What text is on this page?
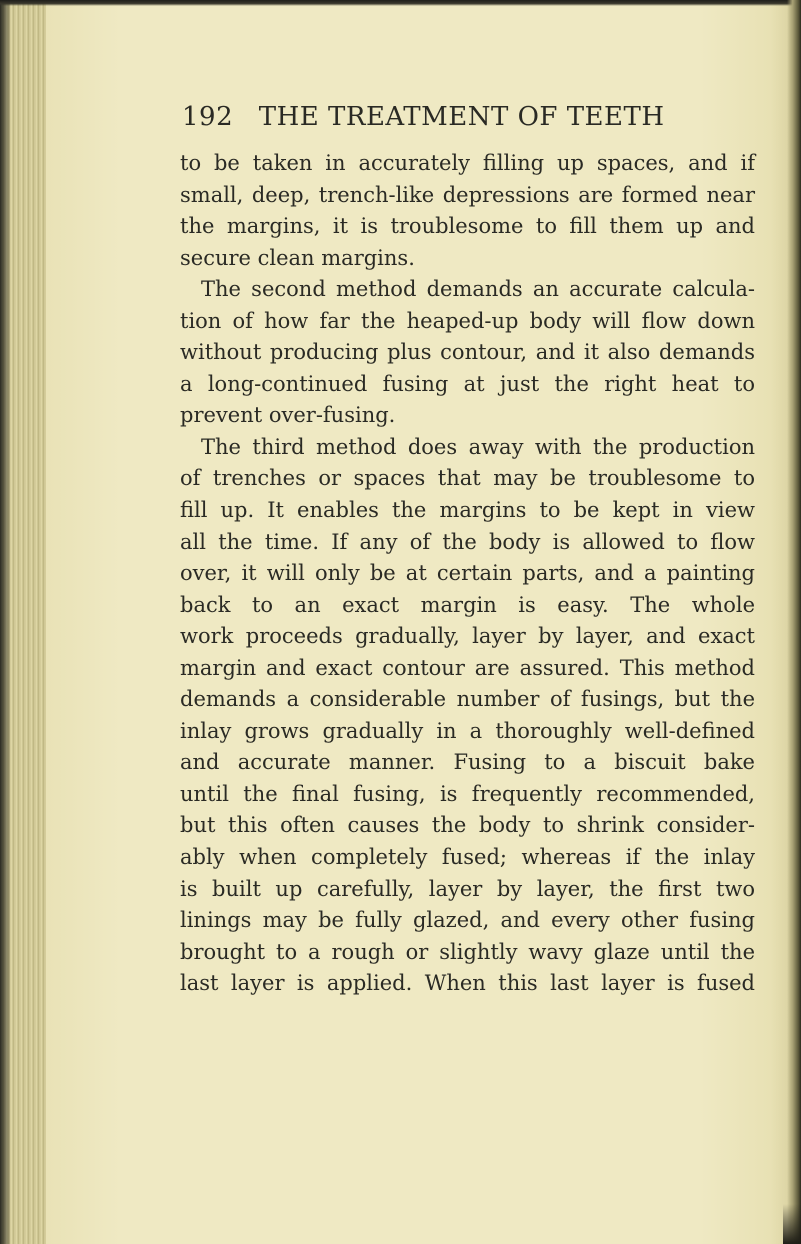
192 THE TREATMENT OF TEETH
to be taken in accurately filling up spaces, and if
small, deep, trench-like depressions are formed near
the margins, it is troublesome to fill them up and
secure clean margins.
The second method demands an accurate calcula-
tion of how far the heaped-up body will flow down
without producing plus contour, and it also demands
a long-continued fusing at just the right heat to
prevent over-fusing.
The third method does away with the production
of trenches or spaces that may be troublesome to
fill up. It enables the margins to be kept in view
all the time. If any of the body is allowed to flow
over, it will only be at certain parts, and a painting
back to an exact margin is easy. The whole
work proceeds gradually, layer by layer, and exact
margin and exact contour are assured. This method
demands a considerable number of fusings, but the
inlay grows gradually in a thoroughly well-defined
and accurate manner. Fusing to a biscuit bake
until the final fusing, is frequently recommended,
but this often causes the body to shrink consider-
ably when completely fused; whereas if the inlay
is built up carefully, layer by layer, the first two
linings may be fully glazed, and every other fusing
brought to a rough or slightly wavy glaze until the
last layer is applied. When this last layer is fused
